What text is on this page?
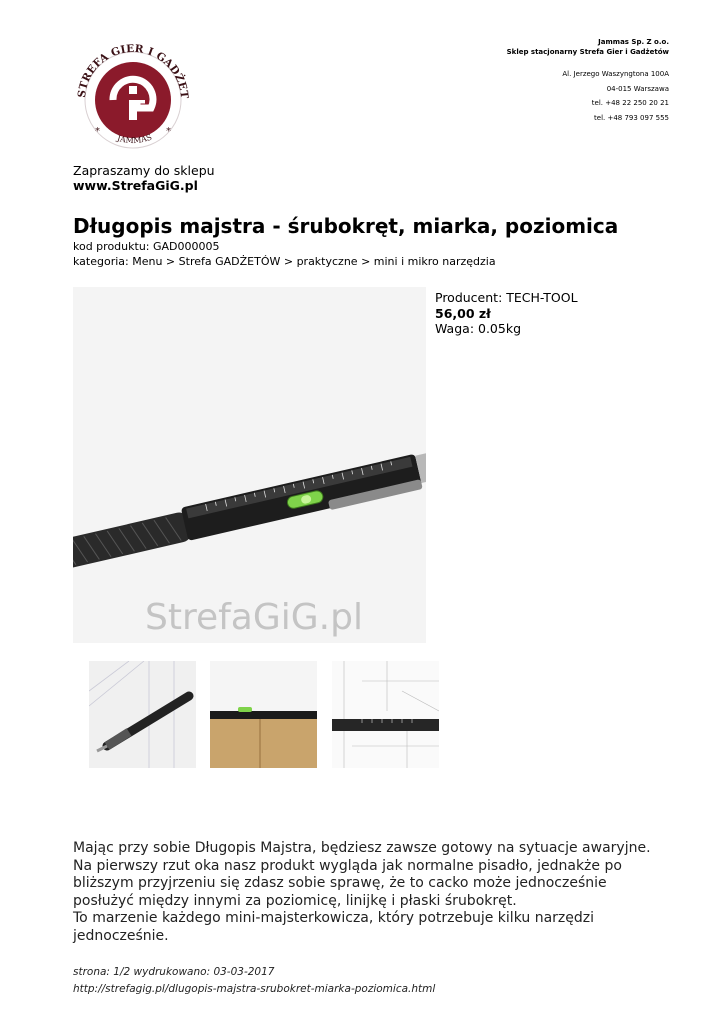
STREFA GIER I GADŻET
*	*
JAMMAS
Jammas Sp. Z o.o.
Sklep stacjonarny Strefa Gier i Gadżetów
Al. Jerzego Waszyngtona 100A
04-015 Warszawa
tel. +48 22 250 20 21
tel. +48 793 097 555
Zapraszamy do sklepu
www.StrefaGiG.pl
Długopis majstra - śrubokręt, miarka, poziomica
kod produktu: GAD000005
kategoria: Menu > Strefa GADŻETÓW > praktyczne > mini i mikro narzędzia
StrefaGiG.pl
Producent: TECH-TOOL
56,00 zł
Waga: 0.05kg

Mając przy sobie Długopis Majstra, będziesz zawsze gotowy na sytuacje awaryjne.

Na pierwszy rzut oka nasz produkt wygląda jak normalne pisadło, jednakże po bliższym przyjrzeniu się zdasz sobie sprawę, że to cacko może jednocześnie posłużyć między innymi za poziomicę, linijkę i płaski śrubokręt.

To marzenie każdego mini-majsterkowicza, który potrzebuje kilku narzędzi jednocześnie.

strona: 1/2 wydrukowano: 03-03-2017
http://strefagig.pl/dlugopis-majstra-srubokret-miarka-poziomica.html
